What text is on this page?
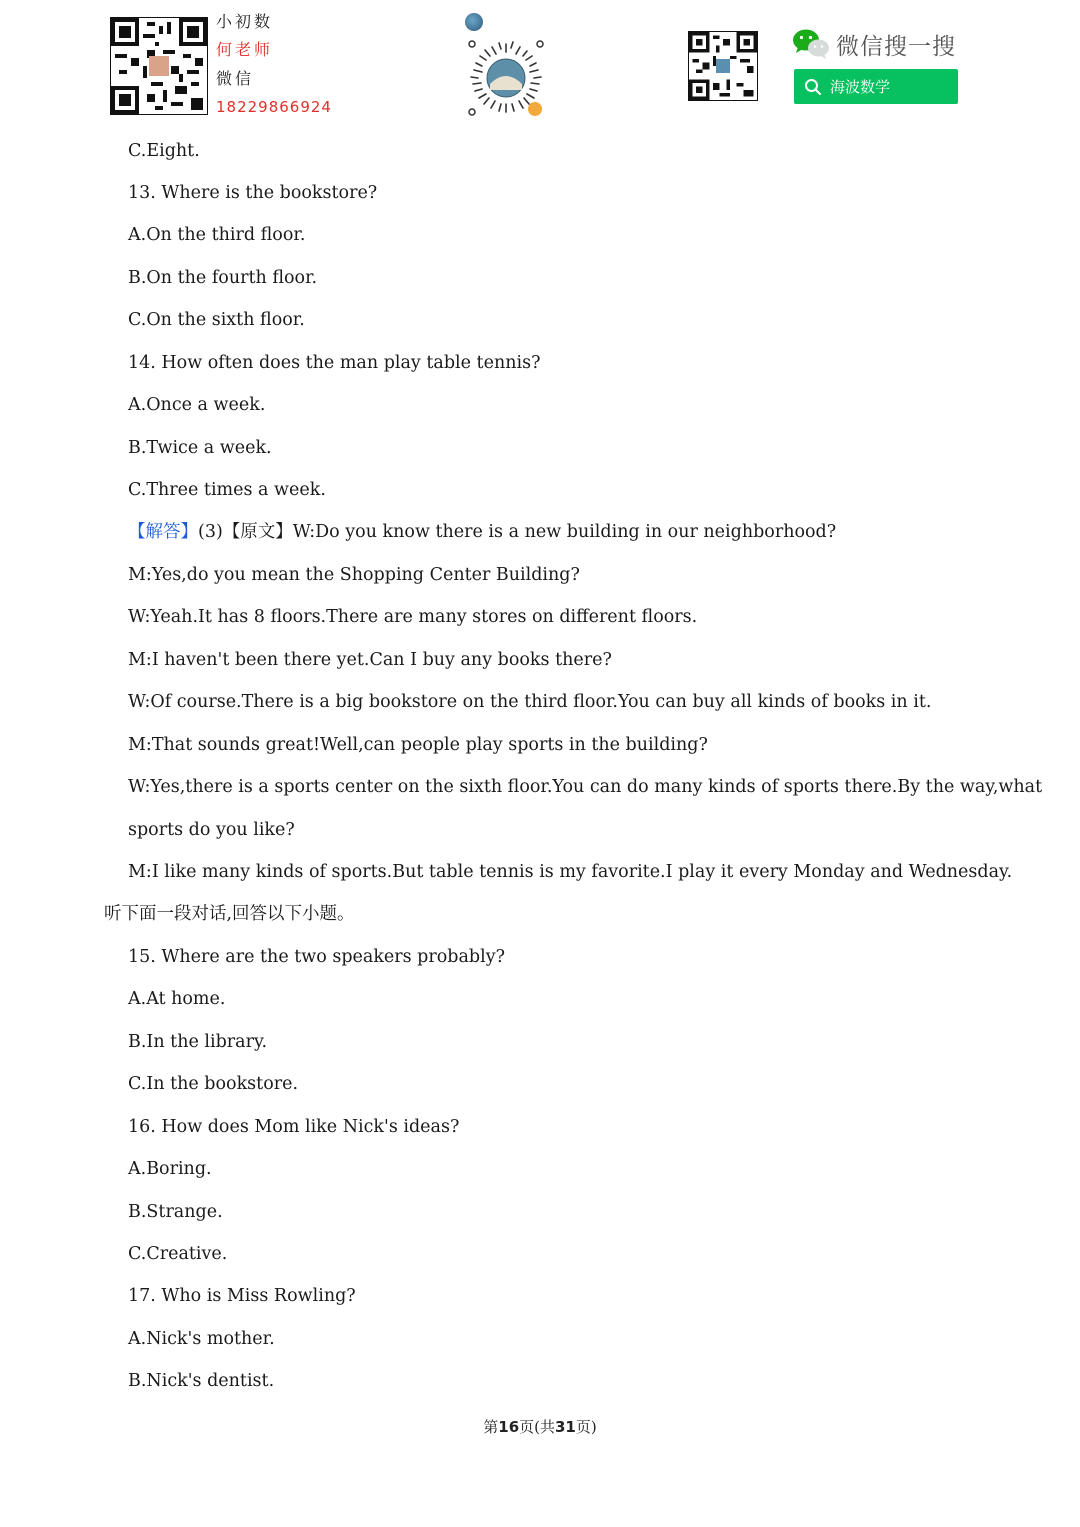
小初数
何老师
微信
18229866924
微信搜一搜
海波数学
C.Eight.
13. Where is the bookstore?
A.On the third floor.
B.On the fourth floor.
C.On the sixth floor.
14. How often does the man play table tennis?
A.Once a week.
B.Twice a week.
C.Three times a week.
【解答】(3)【原文】W:Do you know there is a new building in our neighborhood?
M:Yes,do you mean the Shopping Center Building?
W:Yeah.It has 8 floors.There are many stores on different floors.
M:I haven't been there yet.Can I buy any books there?
W:Of course.There is a big bookstore on the third floor.You can buy all kinds of books in it.
M:That sounds great!Well,can people play sports in the building?
W:Yes,there is a sports center on the sixth floor.You can do many kinds of sports there.By the way,what
sports do you like?
M:I like many kinds of sports.But table tennis is my favorite.I play it every Monday and Wednesday.
听下面一段对话,回答以下小题。
15. Where are the two speakers probably?
A.At home.
B.In the library.
C.In the bookstore.
16. How does Mom like Nick's ideas?
A.Boring.
B.Strange.
C.Creative.
17. Who is Miss Rowling?
A.Nick's mother.
B.Nick's dentist.
第16页(共31页)
